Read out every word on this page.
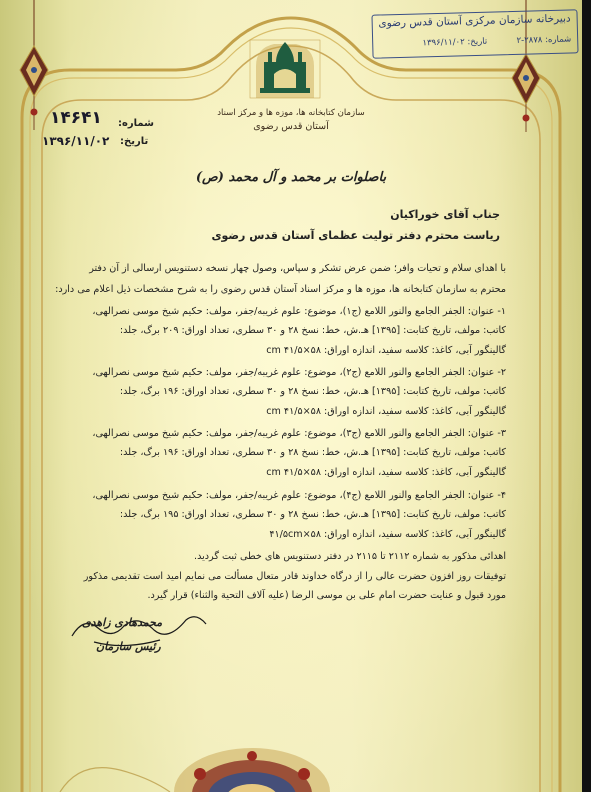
دبیرخانه سازمان مرکزی آستان قدس رضوی
شماره: ۲۸۷۸-۲
تاریخ: ۱۳۹۶/۱۱/۰۲
سازمان کتابخانه ها، موزه ها و مرکز اسناد
آستان قدس رضوی
شماره:
۱۴۶۴۱
تاریخ:
۱۳۹۶/۱۱/۰۲
باصلوات بر محمد و آل محمد (ص)
جناب آقای خوراکیان
ریاست محترم دفتر تولیت عظمای آستان قدس رضوی
با اهدای سلام و تحیات وافر؛ ضمن عرض تشکر و سپاس، وصول چهار نسخه دستنویس ارسالی از آن دفتر
محترم به سازمان کتابخانه ها، موزه ها و مرکز اسناد آستان قدس رضوی را به شرح مشخصات ذیل اعلام می دارد:
۱- عنوان: الجفر الجامع والنور اللامع (ج۱)، موضوع: علوم غریبه/جفر، مولف: حکیم شیخ موسی نصرالهی،
کاتب: مولف، تاریخ کتابت: [۱۳۹۵] هـ.ش، خط: نسخ ۲۸ و ۳۰ سطری، تعداد اوراق: ۲۰۹ برگ، جلد:
گالینگور آبی، کاغذ: کلاسه سفید، اندازه اوراق: ۵۸×۴۱/۵ cm
۲- عنوان: الجفر الجامع والنور اللامع (ج۲)، موضوع: علوم غریبه/جفر، مولف: حکیم شیخ موسی نصرالهی،
کاتب: مولف، تاریخ کتابت: [۱۳۹۵] هـ.ش، خط: نسخ ۲۸ و ۳۰ سطری، تعداد اوراق: ۱۹۶ برگ، جلد:
گالینگور آبی، کاغذ: کلاسه سفید، اندازه اوراق: ۵۸×۴۱/۵ cm
۳- عنوان: الجفر الجامع والنور اللامع (ج۳)، موضوع: علوم غریبه/جفر، مولف: حکیم شیخ موسی نصرالهی،
کاتب: مولف، تاریخ کتابت: [۱۳۹۵] هـ.ش، خط: نسخ ۲۸ و ۳۰ سطری، تعداد اوراق: ۱۹۶ برگ، جلد:
گالینگور آبی، کاغذ: کلاسه سفید، اندازه اوراق: ۵۸×۴۱/۵ cm
۴- عنوان: الجفر الجامع والنور اللامع (ج۴)، موضوع: علوم غریبه/جفر، مولف: حکیم شیخ موسی نصرالهی،
کاتب: مولف، تاریخ کتابت: [۱۳۹۵] هـ.ش، خط: نسخ ۲۸ و ۳۰ سطری، تعداد اوراق: ۱۹۵ برگ، جلد:
گالینگور آبی، کاغذ: کلاسه سفید، اندازه اوراق: ۵۸×۴۱/۵cm
اهدائی مذکور به شماره ۲۱۱۲ تا ۲۱۱۵ در دفتر دستنویس های خطی ثبت گردید.
توفیقات روز افزون حضرت عالی را از درگاه خداوند قادر متعال مسألت می نمایم امید است تقدیمی مذکور
مورد قبول و عنایت حضرت امام علی بن موسی الرضا (علیه آلاف التحیة والثناء) قرار گیرد.
محمدهادی زاهدی
رئیس سازمان
